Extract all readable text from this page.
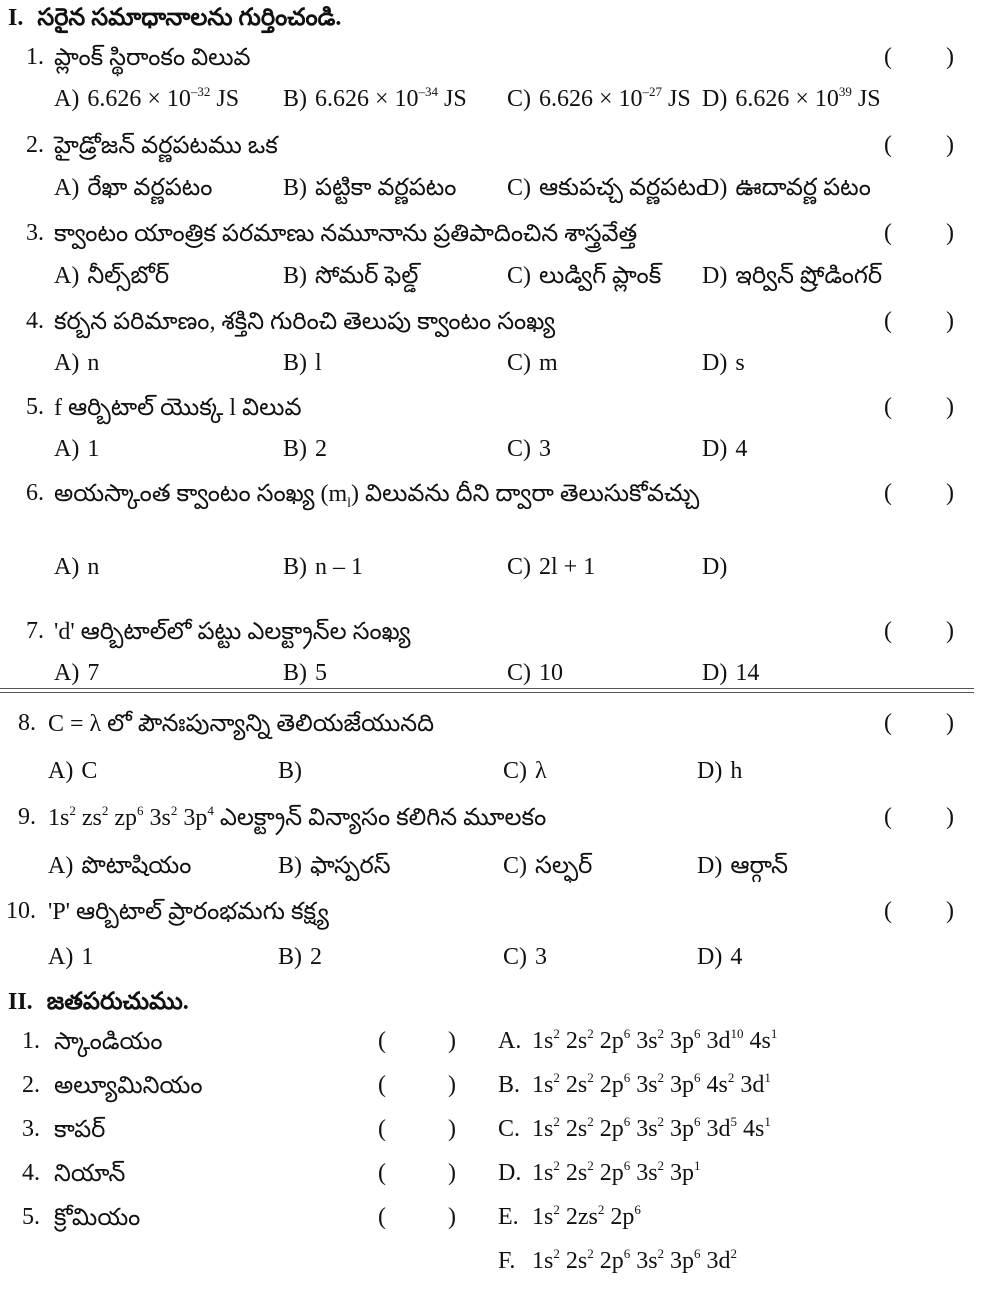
I. సరైన సమాధానాలను గుర్తించండి.
1. ప్లాంక్ స్థిరాంకం విలువ	( )
A) $6.626 \times 10^{-32}$ JS B) $6.626 \times 10^{-34}$ JS C) $6.626 \times 10^{-27}$ JS D) $6.626 \times 10^{39}$ JS
2. హైడ్రోజన్ వర్ణపటము ఒక	( )
A) రేఖా వర్ణపటం	B) పట్టికా వర్ణపటం C) ఆకుపచ్చ వర్ణపటం
D) ఊదావర్ణ పటం
3. క్వాంటం యాంత్రిక పరమాణు నమూనాను ప్రతిపాదించిన శాస్త్రవేత్త	( )
A) నీల్స్‌బోర్	B) సోమర్ ఫెల్డ్	C) లుడ్విగ్ ప్లాంక్ D) ఇర్విన్ ష్రోడింగర్
4. కర్బన పరిమాణం, శక్తిని గురించి తెలుపు క్వాంటం సంఖ్య	( )
A) n	B) l	C) m	D) s
5. f ఆర్బిటాల్ యొక్క l విలువ	( )
A) 1	B) 2	C) 3	D) 4
6. అయస్కాంత క్వాంటం సంఖ్య $(m_l)$ విలువను దీని ద్వారా తెలుసుకోవచ్చు	( )
A) n	B) n – 1	C) 2l + 1	D)
7. 'd' ఆర్బిటాల్‌లో పట్టు ఎలక్ట్రాన్‌ల సంఖ్య	( )
A) 7	B) 5	C) 10	D) 14
8. C = λ లో పౌనఃపున్యాన్ని తెలియజేయునది	( )
A) C	B)	C) λ	D) h
9. $1s^2$ $zs^2$ $zp^6$ $3s^2$ $3p^4$ ఎలక్ట్రాన్ విన్యాసం కలిగిన మూలకం	( )
A) పొటాషియం	B) ఫాస్పరస్	C) సల్ఫర్	D) ఆర్గాన్
10. 'P' ఆర్బిటాల్ ప్రారంభమగు కక్ష్య	( )
A) 1	B) 2	C) 3	D) 4
II. జతపరుచుము.
1. స్కాండియం	(	) A. $1s^2$ $2s^2$ $2p^6$ $3s^2$ $3p^6$ $3d^{10}$ $4s^1$
2. అల్యూమినియం	(	) B. $1s^2$ $2s^2$ $2p^6$ $3s^2$ $3p^6$ $4s^2$ $3d^1$
3. కాపర్	(	) C. $1s^2$ $2s^2$ $2p^6$ $3s^2$ $3p^6$ $3d^5$ $4s^1$
4. నియాన్	(	) D. $1s^2$ $2s^2$ $2p^6$ $3s^2$ $3p^1$
5. క్రోమియం	(	) E. $1s^2$ $2zs^2$ $2p^6$
F. $1s^2$ $2s^2$ $2p^6$ $3s^2$ $3p^6$ $3d^2$
